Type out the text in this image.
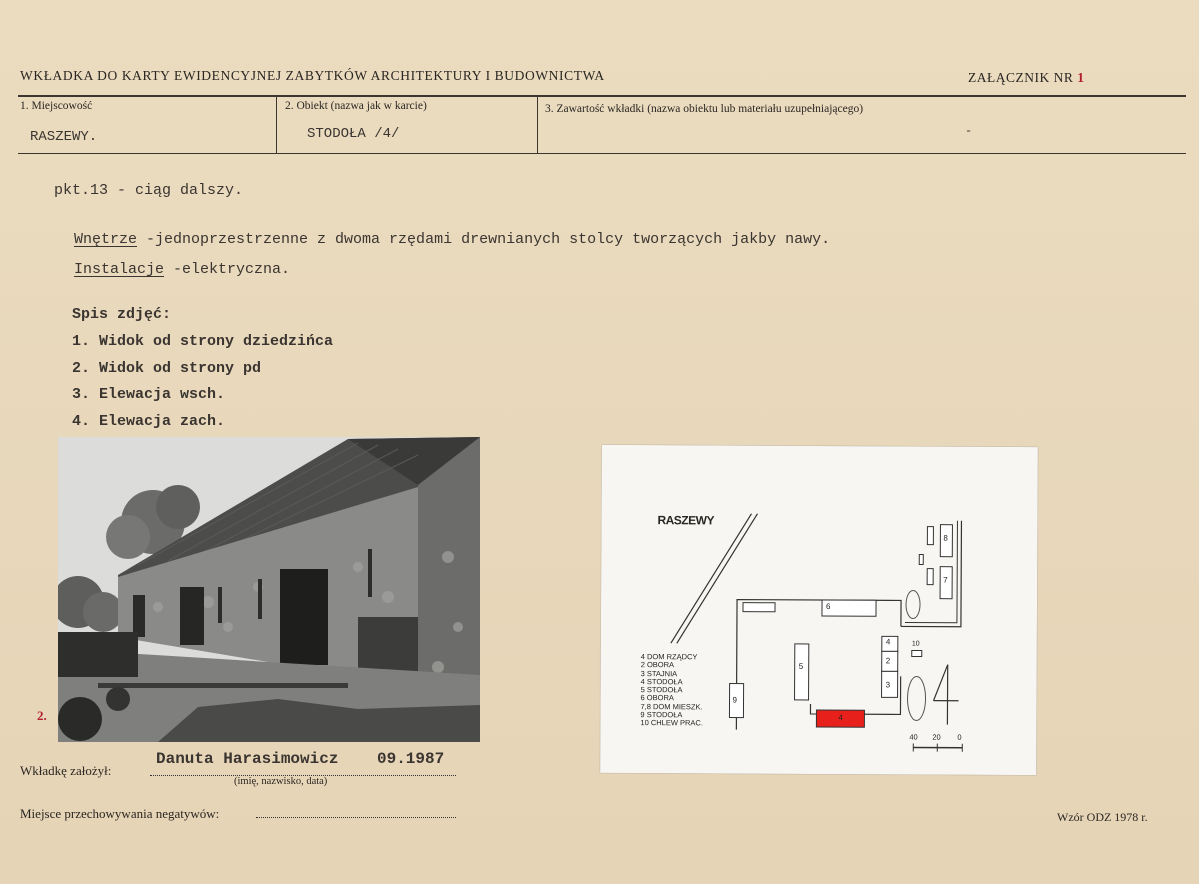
WKŁADKA DO KARTY EWIDENCYJNEJ ZABYTKÓW ARCHITEKTURY I BUDOWNICTWA	ZAŁĄCZNIK NR 1
1. Miejscowość
RASZEWY.
2. Obiekt (nazwa jak w karcie)
STODOŁA /4/
3. Zawartość wkładki (nazwa obiektu lub materiału uzupełniającego)
-
pkt.13 - ciąg dalszy.
Wnętrze -jednoprzestrzenne z dwoma rzędami drewnianych stolcy tworzących jakby nawy.
Instalacje -elektryczna.
Spis zdjęć:
1. Widok od strony dziedzińca
2. Widok od strony pd
3. Elewacja wsch.
4. Elewacja zach.
2.
RASZEWY
6
5
4
3
2
4
8
7
9
10
4 DOM RZĄDCY
2 OBORA
3 STAJNIA
4 STODOŁA
5 STODOŁA
6 OBORA
7,8 DOM MIESZK.
9 STODOŁA
10 CHLEW PRAC.
40 20 0
Wkładkę założył:
Danuta Harasimowicz 09.1987
(imię, nazwisko, data)
Miejsce przechowywania negatywów:	Wzór ODZ 1978 r.
